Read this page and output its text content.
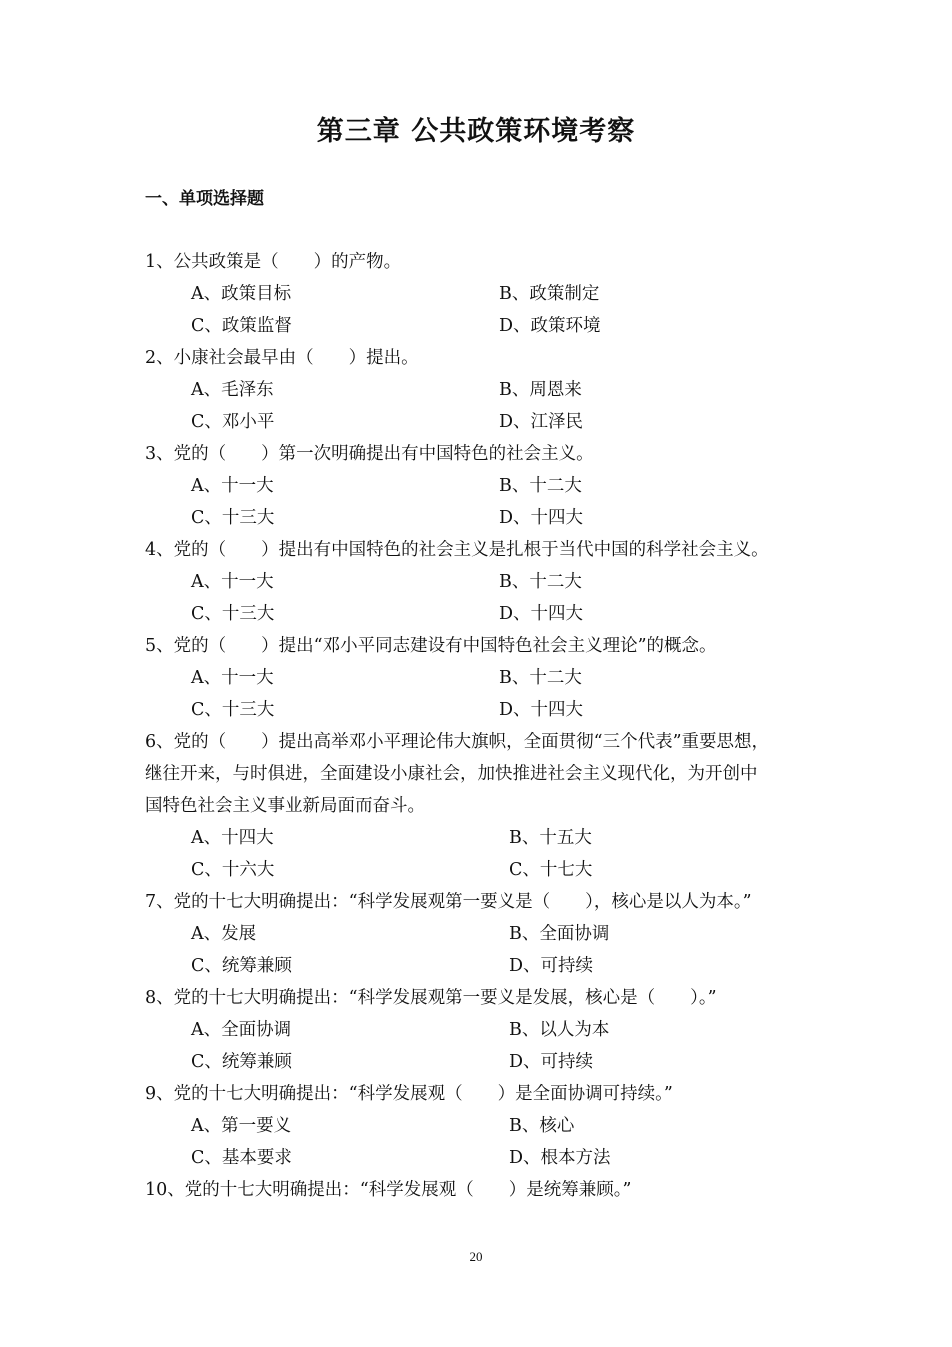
第三章 公共政策环境考察
一、单项选择题

1、公共政策是（　　）的产物。

A、政策目标	B、政策制定
C、政策监督	D、政策环境

2、小康社会最早由（　　）提出。

A、毛泽东	B、周恩来
C、邓小平	D、江泽民

3、党的（　　）第一次明确提出有中国特色的社会主义。

A、十一大	B、十二大
C、十三大	D、十四大

4、党的（　　）提出有中国特色的社会主义是扎根于当代中国的科学社会主义。

A、十一大	B、十二大
C、十三大	D、十四大

5、党的（　　）提出“邓小平同志建设有中国特色社会主义理论”的概念。

A、十一大	B、十二大
C、十三大	D、十四大

6、党的（　　）提出高举邓小平理论伟大旗帜，全面贯彻“三个代表”重要思想，

继往开来，与时俱进，全面建设小康社会，加快推进社会主义现代化，为开创中

国特色社会主义事业新局面而奋斗。

A、十四大	B、十五大
C、十六大	C、十七大

7、党的十七大明确提出：“科学发展观第一要义是（　　），核心是以人为本。”

A、发展	B、全面协调
C、统筹兼顾	D、可持续

8、党的十七大明确提出：“科学发展观第一要义是发展，核心是（　　）。”

A、全面协调	B、以人为本
C、统筹兼顾	D、可持续

9、党的十七大明确提出：“科学发展观（　　）是全面协调可持续。”

A、第一要义	B、核心
C、基本要求	D、根本方法

10、党的十七大明确提出：“科学发展观（　　）是统筹兼顾。”

20
